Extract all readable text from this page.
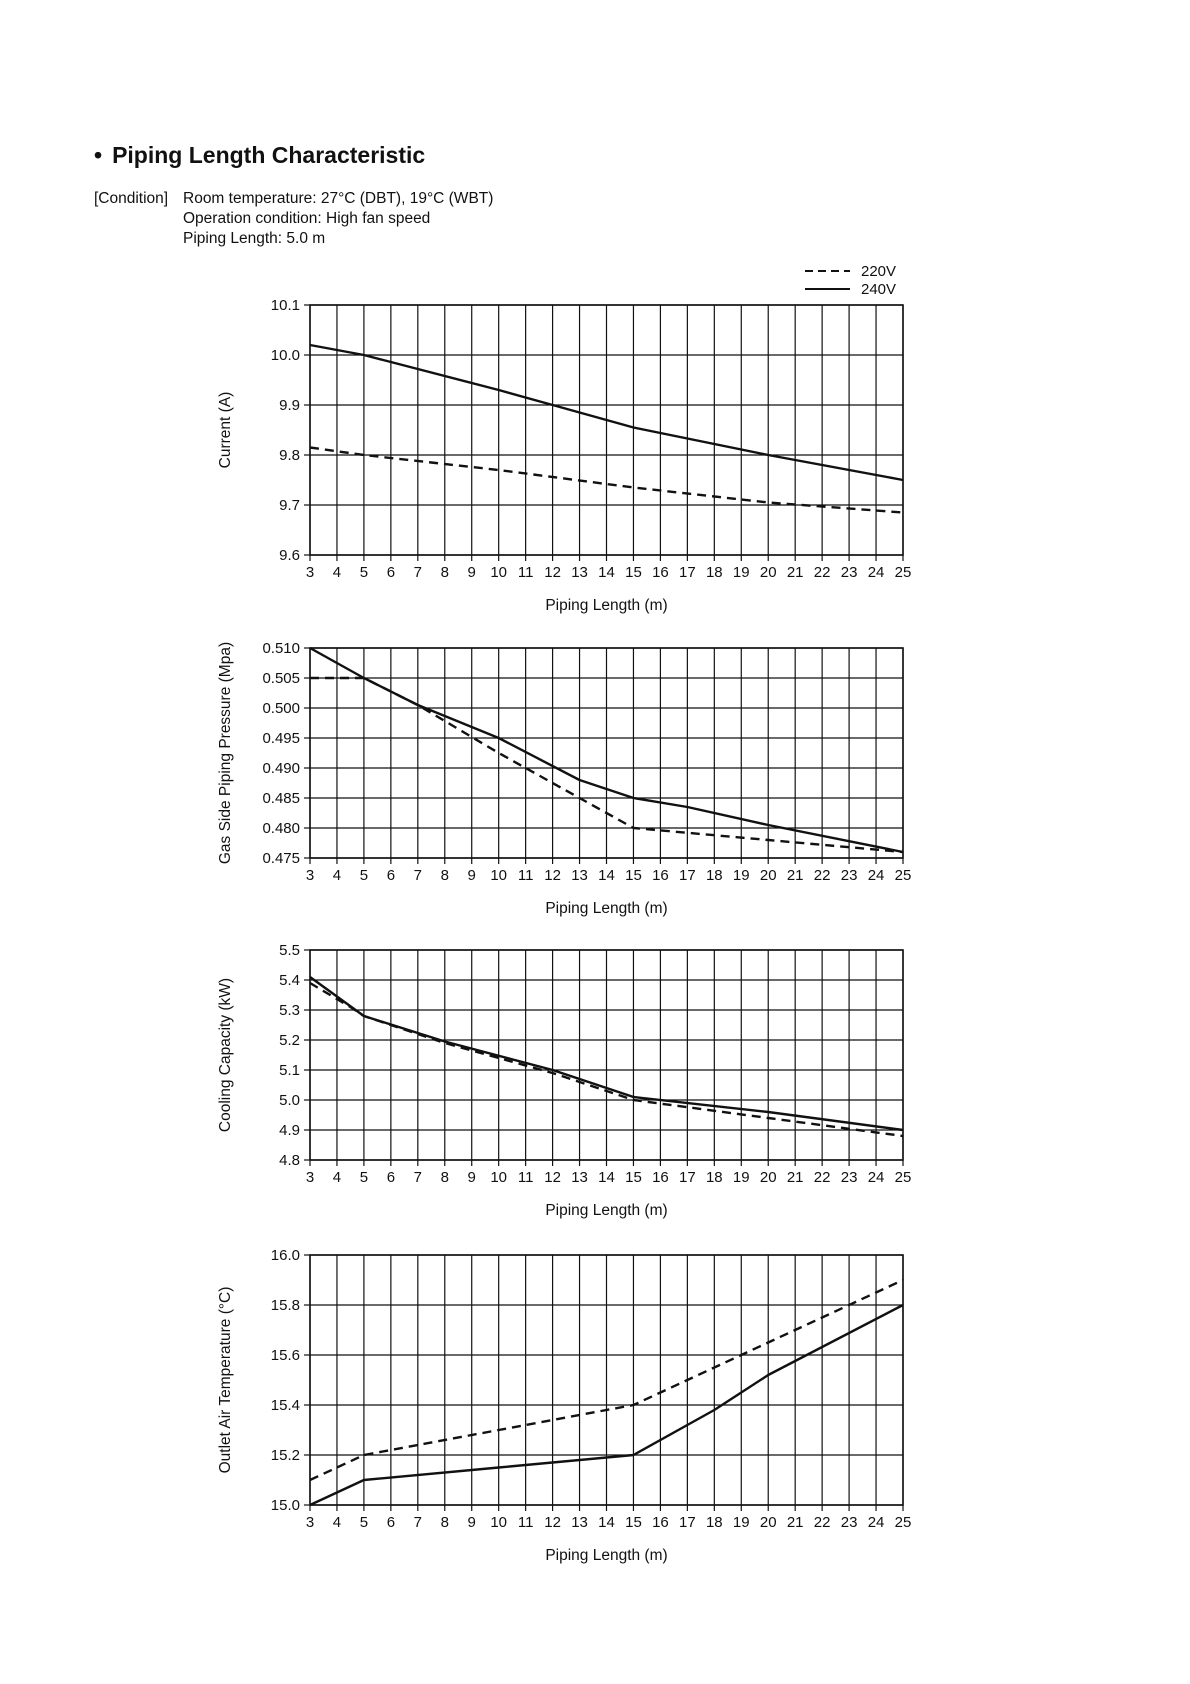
• Piping Length Characteristic
[Condition] Room temperature: 27°C (DBT), 19°C (WBT)
Operation condition: High fan speed
Piping Length: 5.0 m
220V
240V
3 4 5 6 7 8 9 10 11 12 13 14 15 16 17 18 19 20 21 22 23 24 25
9.6
9.7
9.8
9.9
10.0
10.1
Piping Length (m)
Current (A)
3 4 5 6 7 8 9 10 11 12 13 14 15 16 17 18 19 20 21 22 23 24 25
0.475
0.480
0.485
0.490
0.495
0.500
0.505
0.510
Piping Length (m)
Gas Side Piping Pressure (Mpa)
3 4 5 6 7 8 9 10 11 12 13 14 15 16 17 18 19 20 21 22 23 24 25
4.8
4.9
5.0
5.1
5.2
5.3
5.4
5.5
Piping Length (m)
Cooling Capacity (kW)
3 4 5 6 7 8 9 10 11 12 13 14 15 16 17 18 19 20 21 22 23 24 25
15.0
15.2
15.4
15.6
15.8
16.0
Piping Length (m)
Outlet Air Temperature (°C)
